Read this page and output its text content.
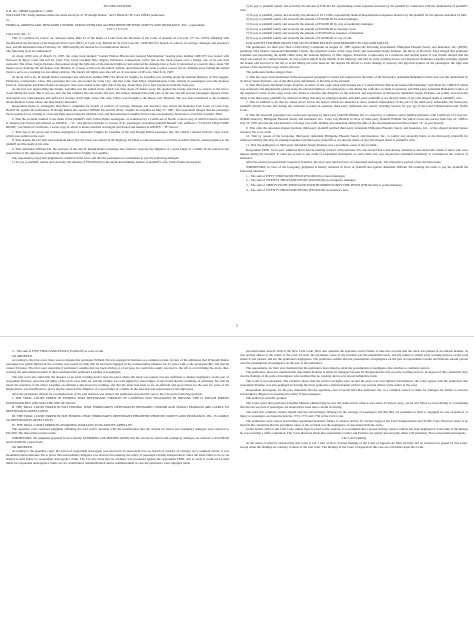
SECOND DIVISION

G.R. No. 138648 September 1, 2006

WILLIAM TIU, doing business under the name and style of "D' Rough Riders," and VIRGILIO TE LAS PIÑAS petitioners,

vs.

PEDRO A. ARRIESGADO, BENJAMIN CONDOR, SERGIO PEDRANO and PHILIPPINE PHOENIX SURETY AND INSURANCE, INC., respondents.

D E C I S I O N

CALLEJO, SR., J.:

This is a petition for review on certiorari under Rule 45 of the Rules of Court from the Decision of the Court of Appeals in CA-G.R. CV No. 54354 affirming with modification the Decision of the Regional Trial Court (RTC) of Cebu City, Branch 20, in Civil Case No. CEB-5963 for breach of contract of carriage, damages and attorney's fees, and the Resolution dated February 26, 1999 denying the motion for reconsideration thereof.

The following facts are undisputed:

At about 10:00 p.m. of March 15, 1987, the cargo truck marked "Condor Hollow Blocks and General Merchandise" bearing plate number GBP-675 was loaded with firewood in Bogo, Cebu and left for Cebu City. Upon reaching Sitio Aggies, Poblacion, Compostela, Cebu, just as the truck passed over a bridge, one of its rear tires exploded. The driver, Sergio Pedrano, then parked along the right side of the national highway and removed the damaged tire to have it vulcanized at a nearby shop, about 700 meters away. Pedrano left his helper, Jose Mitante, Jr. to keep watch over the stalled vehicle, and instructed the latter to place a spare tire six fathoms away behind the stalled truck to serve as a warning for oncoming vehicles. The truck's tail lights were also left on. It was about 12:00 a.m., March 16, 1987.

At about 4:45 a.m., D' Rough Riders passenger bus with plate number PBP-724 driven by Virgilio Te Laspiñas was cruising along the national highway of Sitio Aggies, Poblacion, Compostela, Cebu. The passenger bus was also bound for Cebu City, and had come from Maya, Daanbantayan, Cebu. Among its passengers were the Spouses Pedro A. Arriesgado and Felisa Pepito Arriesgado, who were seated at the right side of the bus, about three (3) or four (4) places from the front seat.

As the bus was approaching the bridge, Laspiñas saw the stalled truck, which was then about 25 meters away. He applied the breaks and tried to swerve to the left to avoid hitting the truck. But it was too late; the bus rammed into the truck's left rear. The impact damaged the right side of the bus and left several passengers injured. Pedro Arriesgado lost consciousness and suffered a fracture in his right colles. His wife, Felisa, was brought to the Danao City Hospital. She was later transferred to the Southern Island Medical Center where she died shortly thereafter.

Respondent Pedro A. Arriesgado then filed a complaint for breach of contract of carriage, damages and attorney's fees before the Regional Trial Court of Cebu City, Branch 20, against the petitioners, D' Rough Riders bus operator William Tiu and his driver, Virgilio Te Laspiñas on May 27, 1987. The respondent alleged that the passenger bus in question was cruising at a fast and high speed along the national road, and that petitioner Laspiñas did not take precautionary measures to avoid the accident. Thus:

6. That the accident resulted to the death of the plaintiff's wife, Felisa Pepito Arriesgado, as evidenced by a Certificate of Death, a xerox copy of which is hereto attached as integral part hereof and marked as ANNEX – "A", and physical injuries to several of its passengers, including plaintiff himself who suffered a "COLLES FRACTURE RIGHT," per Medical Certificate, a xerox copy of which is hereto attached as integral part hereof and marked as ANNEX – "B" hereof.

7. That due to the gross and reckless negligence of defendant Virgilio Te Laspiñas of the said Rough Riders passenger bus, the vehicle collided with the cargo truck, which was stalled on the road.

8. That despite the fact that said defendant knew that the truck was parked in the highway, he failed to take measures to avoid the accident, thereby causing injuries to the plaintiff and the death of his wife.

9. That defendant William Tiu, the operator of the said D' Rough Riders passenger bus, failed to exercise the diligence of a good father of a family in the selection and supervision of his employees, particularly defendant driver Virgilio Te Laspiñas.

The respondent prayed that judgment be rendered in his favor and that the petitioners be condemned to pay the following damages:

1) To pay to plaintiff, jointly and severally, the amount of P30,000.00 for the death and untimely demise of plaintiff's wife, Felisa Pepito Arriesgado;

2) To pay to plaintiff jointly and severally the amount of P38,441.50, representing actual expenses incurred by the plaintiff in connection with the death/burial of plaintiff's wife;

3) To pay to plaintiff, jointly and severally, the amount of P1,113.80, representing medical/hospitalization expenses incurred by the plaintiff for the injuries sustained by him;

4) To pay to plaintiff jointly and severally the amount of P50,000.00 for moral damages;

5) To pay to plaintiff jointly and severally the amount of P50,000.00 by way of exemplary damages;

6) To pay to plaintiff jointly and severally the amount of P20,000.00 as attorney's fees;

7) To pay to plaintiff jointly and severally the amount of P5,000.00 as expenses of litigation;

8) To pay to plaintiff jointly and severally the amount of P10,000.00 as cost of suit;

9) PLAINTIFF FURTHER PRAYS FOR SUCH OTHER RELIEFS AND REMEDIES IN LAW AND EQUITY.

The petitioners, for their part, filed a Third-Party Complaint on August 21, 1987 against the following respondents: Philippine Phoenix Surety and Insurance, Inc. (PPSII), petitioner Tiu's insurer; respondent Benjamin Condor, the registered owner of the cargo truck; and respondent Sergio Pedrano, the driver of the truck. They alleged that petitioner Laspiñas was negotiating the uphill climb along the national highway of Sitio Aggies, Poblacion, Compostela, in a moderate and normal speed. It was further alleged that the truck was parked in a slanted manner, its rear portion almost in the middle of the highway, and that no early warning device was displayed. Petitioner Laspiñas promptly applied the brakes and swerved to the left to avoid hitting the truck head-on, but despite his efforts to avoid damage to property and physical injuries on the passengers, the right side portion of the bus hit the cargo truck's left rear.

The petitioners further alleged, thus:

5. That the cargo truck mentioned in the aforequoted paragraph is owned and registered in the name of the third-party defendant Benjamin Condor and was left unattended by its driver Sergio Pedrano, one of the third-party defendants, at the time of the incident;

6. That third-party defendant Sergio Pedrano, as driver of the cargo truck with marked (sic) "Condor Hollow Blocks & General Merchandise" with Plate No. GBP-675 which was recklessly and imprudently parked along the national highway of Compostela, Cebu during the vehicular accident in question, and third-party defendant Benjamin Condor, as the registered owner of the cargo truck who failed to exercise due diligence in the selection and supervision of third-party defendant Sergio Pedrano, are jointly and severally liable to the third-party plaintiffs for whatever liability that may be adjudged against said third-party plaintiffs or are directly liable of (sic) the alleged death of plaintiff's wife;

7. That in addition to all that are stated above and in the answer which are intended to show reckless imprudence on the part of the third-party defendants, the third-party plaintiffs hereby declare that during the vehicular accident in question, third-party defendant was clearly violating Section 34, par. (g) of the Land Transportation and Traffic Code...

8. That the aforesaid passenger bus, owned and operated by third-party plaintiff William Tiu, is covered by a common carrier liability insurance with Certificate of Cover No. 054940 issued by Philippine Phoenix Surety and Insurance, Inc., Cebu City Branch, in favor of third-party plaintiff William Tiu which covers the period from July 22, 1986 to July 22, 1987 and that the said insurance coverage was valid, binding and subsisting during the time of the aforementioned incident (Annex "A" as part hereof);

9. That after the aforesaid alleged incident, third-party plaintiff notified third-party defendant Philippine Phoenix Surety and Insurance, Inc., of the alleged incident hereto narrated, but to no avail;

10. That by reason of the foregoing, third-party defendant Philippine Phoenix Surety and Insurance, Inc., is jointly and severally liable to the third-party plaintiffs for whatever liability that may be adjudged against said third-party plaintiffs or are directly liable of (sic) the alleged death of plaintiff's wife;

11. That the negligence of third-party defendant Sergio Pedrano was a proximate cause of the accident...

Respondent PPSII, for its part, admitted that it had an existing contract with petitioner Tiu, but averred that it had already attended to and settled the claims of those who were injured during the incident. It could not accede to the claim of respondent Arriesgado, as such claim was way beyond the scheduled indemnity as contained in the contract of insurance.

After the parties presented their respective evidence, the trial court ruled in favor of respondent Arriesgado. The dispositive portion of the decision reads:

WHEREFORE, in view of the foregoing, judgment is hereby rendered in favor of plaintiff and against defendant William Tiu ordering the latter to pay the plaintiff the following amounts:

1 – The sum of FIFTY THOUSAND PESOS (P50,000.00) as moral damages;

2 – The sum of TWENTY THOUSAND PESOS (P20,000.00) as exemplary damages;

3 – The sum of THIRTY-EIGHT THOUSAND FOUR HUNDRED FORTY-ONE PESOS (P38,441.00) as actual damages;

4 – The sum of TWENTY THOUSAND PESOS (P20,000.00) as attorney's fees;

1

5 – The sum of FIVE THOUSAND PESOS (P5,000.00) as costs of suit.

SO ORDERED.

According to the trial court, there was no dispute that petitioner William Tiu was engaged in business as a common carrier, in view of his admission that D' Rough Riders passenger bus which figured in the accident was owned by him; that he had been engaged in the transportation business for 25 years with a sole proprietorship; and that he owned 34 buses. The trial court ruled that if petitioner Laspiñas had not been driving at a fast pace, he could have easily swerved to the left to avoid hitting the truck, thus, averting the unfortunate incident. It then concluded that petitioner Laspiñas was negligent.

The trial court also ruled that the absence of an early warning device near the place where the truck was parked was not sufficient to impute negligence on the part of respondent Pedrano, since the tail lights of the truck were fully on, and the vicinity was well lighted by street lamps. It also found that the testimony of petitioner Tiu, that he based the selection of his driver Laspiñas on efficiency and in-service training, and that the latter had been so far an efficient and good driver for the past six years of his employment, was insufficient to prove that he observed the diligence of a good father of a family in the selection and supervision of his employees.

After the petitioners' motion for reconsideration of the said decision was denied, the petitioners elevated the case to the CA on the following grounds:

I. THE TRIAL COURT ERRED IN FINDING THAT DEFENDANT VIRGILIO TE LASPIÑAS WAS NEGLIGENT IN DRIVING THE D' ROUGH RIDERS PASSENGER BUS AND WAS THE ONE AT FAULT.

II. THE TRIAL COURT ERRED IN NOT FINDING THAT THIRD-PARTY DEFENDANTS BENJAMIN CONDOR AND SERGIO PEDRANO ARE LIABLE TO DEFENDANTS-APPELLANTS.

III. THE TRIAL COURT ERRED IN NOT FINDING THAT THIRD-PARTY DEFENDANT PHILIPPINE PHOENIX SURETY AND INSURANCE, INC. IS LIABLE TO DEFENDANTS-APPELLANTS.

IV. THE TRIAL COURT ERRED IN AWARDING DAMAGES TO PLAINTIFF-APPELLEE.

The appellate court rendered judgment affirming the trial court's decision with the modification that the awards for moral and exemplary damages were reduced to P25,000. The dispositive portion reads:

WHEREFORE, the judgment appealed from is hereby AFFIRMED with MODIFICATION that the awards for moral and exemplary damages are reduced to P25,000.00 and P10,000.00, respectively.

SO ORDERED.

According to the appellate court, the action of respondent Arriesgado was based not on quasi-delict but on breach of contract of carriage. As a common carrier, it was incumbent upon petitioner Tiu to prove that extraordinary diligence was observed in ensuring the safety of passengers during transportation. Since the latter failed to do so, he should be held liable for respondent Arriesgado's claim. The CA also ruled that no evidence was presented against the respondent PPSII, and as such, it could not be held liable for respondent Arriesgado's claim, nor for contribution, indemnification and/or reimbursement in case the petitioners were adjudged liable.

provided under Article 2180 of the New Civil Code. They also question the appellate court's failure to take into account that the truck was parked in an oblique manner, its rear portion almost at the center of the road. As such, the proximate cause of the incident was the unattended truck, and the failure to install early warning devices on the road where it was parked, and not the petitioner's negligence. The petitioners submit that the presumption of negligence on the part of respondents Condor and Pedrano should prevail over the presumption of negligence on the part of the petitioners.

The respondents, for their part, maintain that the petitioners have failed to rebut the presumption of negligence that attaches to common carriers.

The petitioners, however, maintain that respondent Pedrano is liable for damages because he disregarded the rule on early warning devices. In support of this contention, they cite the findings of the police investigator who testified that no warning device was placed behind the truck.

The Court is not persuaded. The evidence shows that the truck's tail lights were on and the place was well lighted. Nevertheless, the Court agrees with the petitioners that respondent Pedrano was also negligent in leaving the truck parked in a slanted manner with its rear portion almost at the center of the road.

Respondent Arriesgado, for his part, maintains that the appellate court correctly held that petitioner Tiu, as a common carrier, is liable for damages for failure to exercise extraordinary diligence in ensuring the safety of his passengers.

The petition is partially granted.

The Court notes that petitioner Laspiñas himself admitted that he saw the stalled truck when it was about 25 meters away, yet he still failed to avoid hitting it. Considering that the bus was full of passengers, he should have been more careful in driving.

The rules that common carriers should exercise extraordinary diligence in the carriage of passengers and that they are presumed at fault or negligent in case of death of or injury to passengers are found in Articles 1733, 1755 and 1756 of the Civil Code.

The petitioners were correct in invoking respondent Pedrano's failure to observe Article IV, Section 34(g) of the Land Transportation and Traffic Code. However, there is no merit in the contention that the proximate cause of the accident was the negligence of respondent Pedrano alone.

Under Article 2185 of the Civil Code, unless there is proof to the contrary, it is presumed that a person driving a motor vehicle has been negligent if at the time of the mishap he was violating a traffic regulation. The Court therefore holds that respondents Condor and Pedrano are jointly and severally liable with petitioner Tiu to respondent Arriesgado.

The Court's Ruling

At the outset, it must be stressed that this Court is not a trier of facts. Factual findings of the Court of Appeals are final and may not be reviewed on appeal by this Court, except when the findings are contrary to those of the trial court. The findings of the Court of Appeals in this case are conclusive upon this Court.
